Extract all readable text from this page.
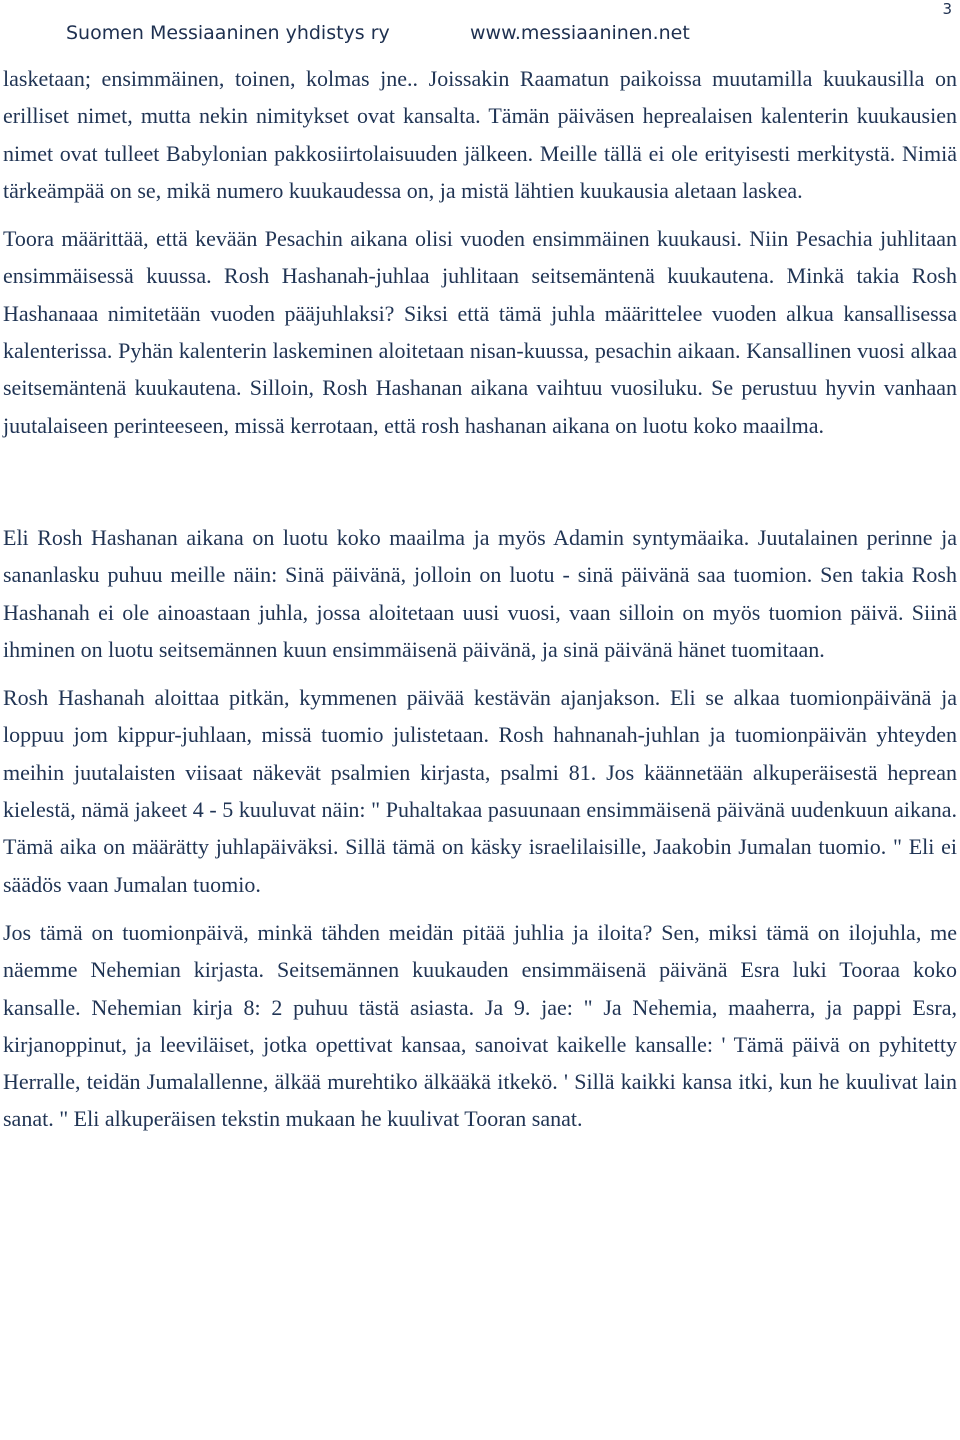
Suomen Messiaaninen yhdistys ry	www.messiaaninen.net
3

lasketaan; ensimmäinen, toinen, kolmas jne.. Joissakin Raamatun paikoissa muutamilla kuukausilla on erilliset nimet, mutta nekin nimitykset ovat kansalta. Tämän päiväsen heprealaisen kalenterin kuukausien nimet ovat tulleet Babylonian pakkosiirtolaisuuden jälkeen. Meille tällä ei ole erityisesti merkitystä. Nimiä tärkeämpää on se, mikä numero kuukaudessa on, ja mistä lähtien kuukausia aletaan laskea.

Toora määrittää, että kevään Pesachin aikana olisi vuoden ensimmäinen kuukausi. Niin Pesachia juhlitaan ensimmäisessä kuussa. Rosh Hashanah-juhlaa juhlitaan seitsemäntenä kuukautena. Minkä takia Rosh Hashanaaa nimitetään vuoden pääjuhlaksi? Siksi että tämä juhla määrittelee vuoden alkua kansallisessa kalenterissa. Pyhän kalenterin laskeminen aloitetaan nisan-kuussa, pesachin aikaan. Kansallinen vuosi alkaa seitsemäntenä kuukautena. Silloin, Rosh Hashanan aikana vaihtuu vuosiluku. Se perustuu hyvin vanhaan juutalaiseen perinteeseen, missä kerrotaan, että rosh hashanan aikana on luotu koko maailma.

Eli Rosh Hashanan aikana on luotu koko maailma ja myös Adamin syntymäaika. Juutalainen perinne ja sananlasku puhuu meille näin: Sinä päivänä, jolloin on luotu - sinä päivänä saa tuomion. Sen takia Rosh Hashanah ei ole ainoastaan juhla, jossa aloitetaan uusi vuosi, vaan silloin on myös tuomion päivä. Siinä ihminen on luotu seitsemännen kuun ensimmäisenä päivänä, ja sinä päivänä hänet tuomitaan.

Rosh Hashanah aloittaa pitkän, kymmenen päivää kestävän ajanjakson. Eli se alkaa tuomionpäivänä ja loppuu jom kippur-juhlaan, missä tuomio julistetaan. Rosh hahnanah-juhlan ja tuomionpäivän yhteyden meihin juutalaisten viisaat näkevät psalmien kirjasta, psalmi 81. Jos käännetään alkuperäisestä heprean kielestä, nämä jakeet 4 - 5 kuuluvat näin: " Puhaltakaa pasuunaan ensimmäisenä päivänä uudenkuun aikana. Tämä aika on määrätty juhlapäiväksi. Sillä tämä on käsky israelilaisille, Jaakobin Jumalan tuomio. " Eli ei säädös vaan Jumalan tuomio.

Jos tämä on tuomionpäivä, minkä tähden meidän pitää juhlia ja iloita? Sen, miksi tämä on ilojuhla, me näemme Nehemian kirjasta. Seitsemännen kuukauden ensimmäisenä päivänä Esra luki Tooraa koko kansalle. Nehemian kirja 8: 2 puhuu tästä asiasta. Ja 9. jae: " Ja Nehemia, maaherra, ja pappi Esra, kirjanoppinut, ja leeviläiset, jotka opettivat kansaa, sanoivat kaikelle kansalle: ' Tämä päivä on pyhitetty Herralle, teidän Jumalallenne, älkää murehtiko älkääkä itkekö. ' Sillä kaikki kansa itki, kun he kuulivat lain sanat. " Eli alkuperäisen tekstin mukaan he kuulivat Tooran sanat.
